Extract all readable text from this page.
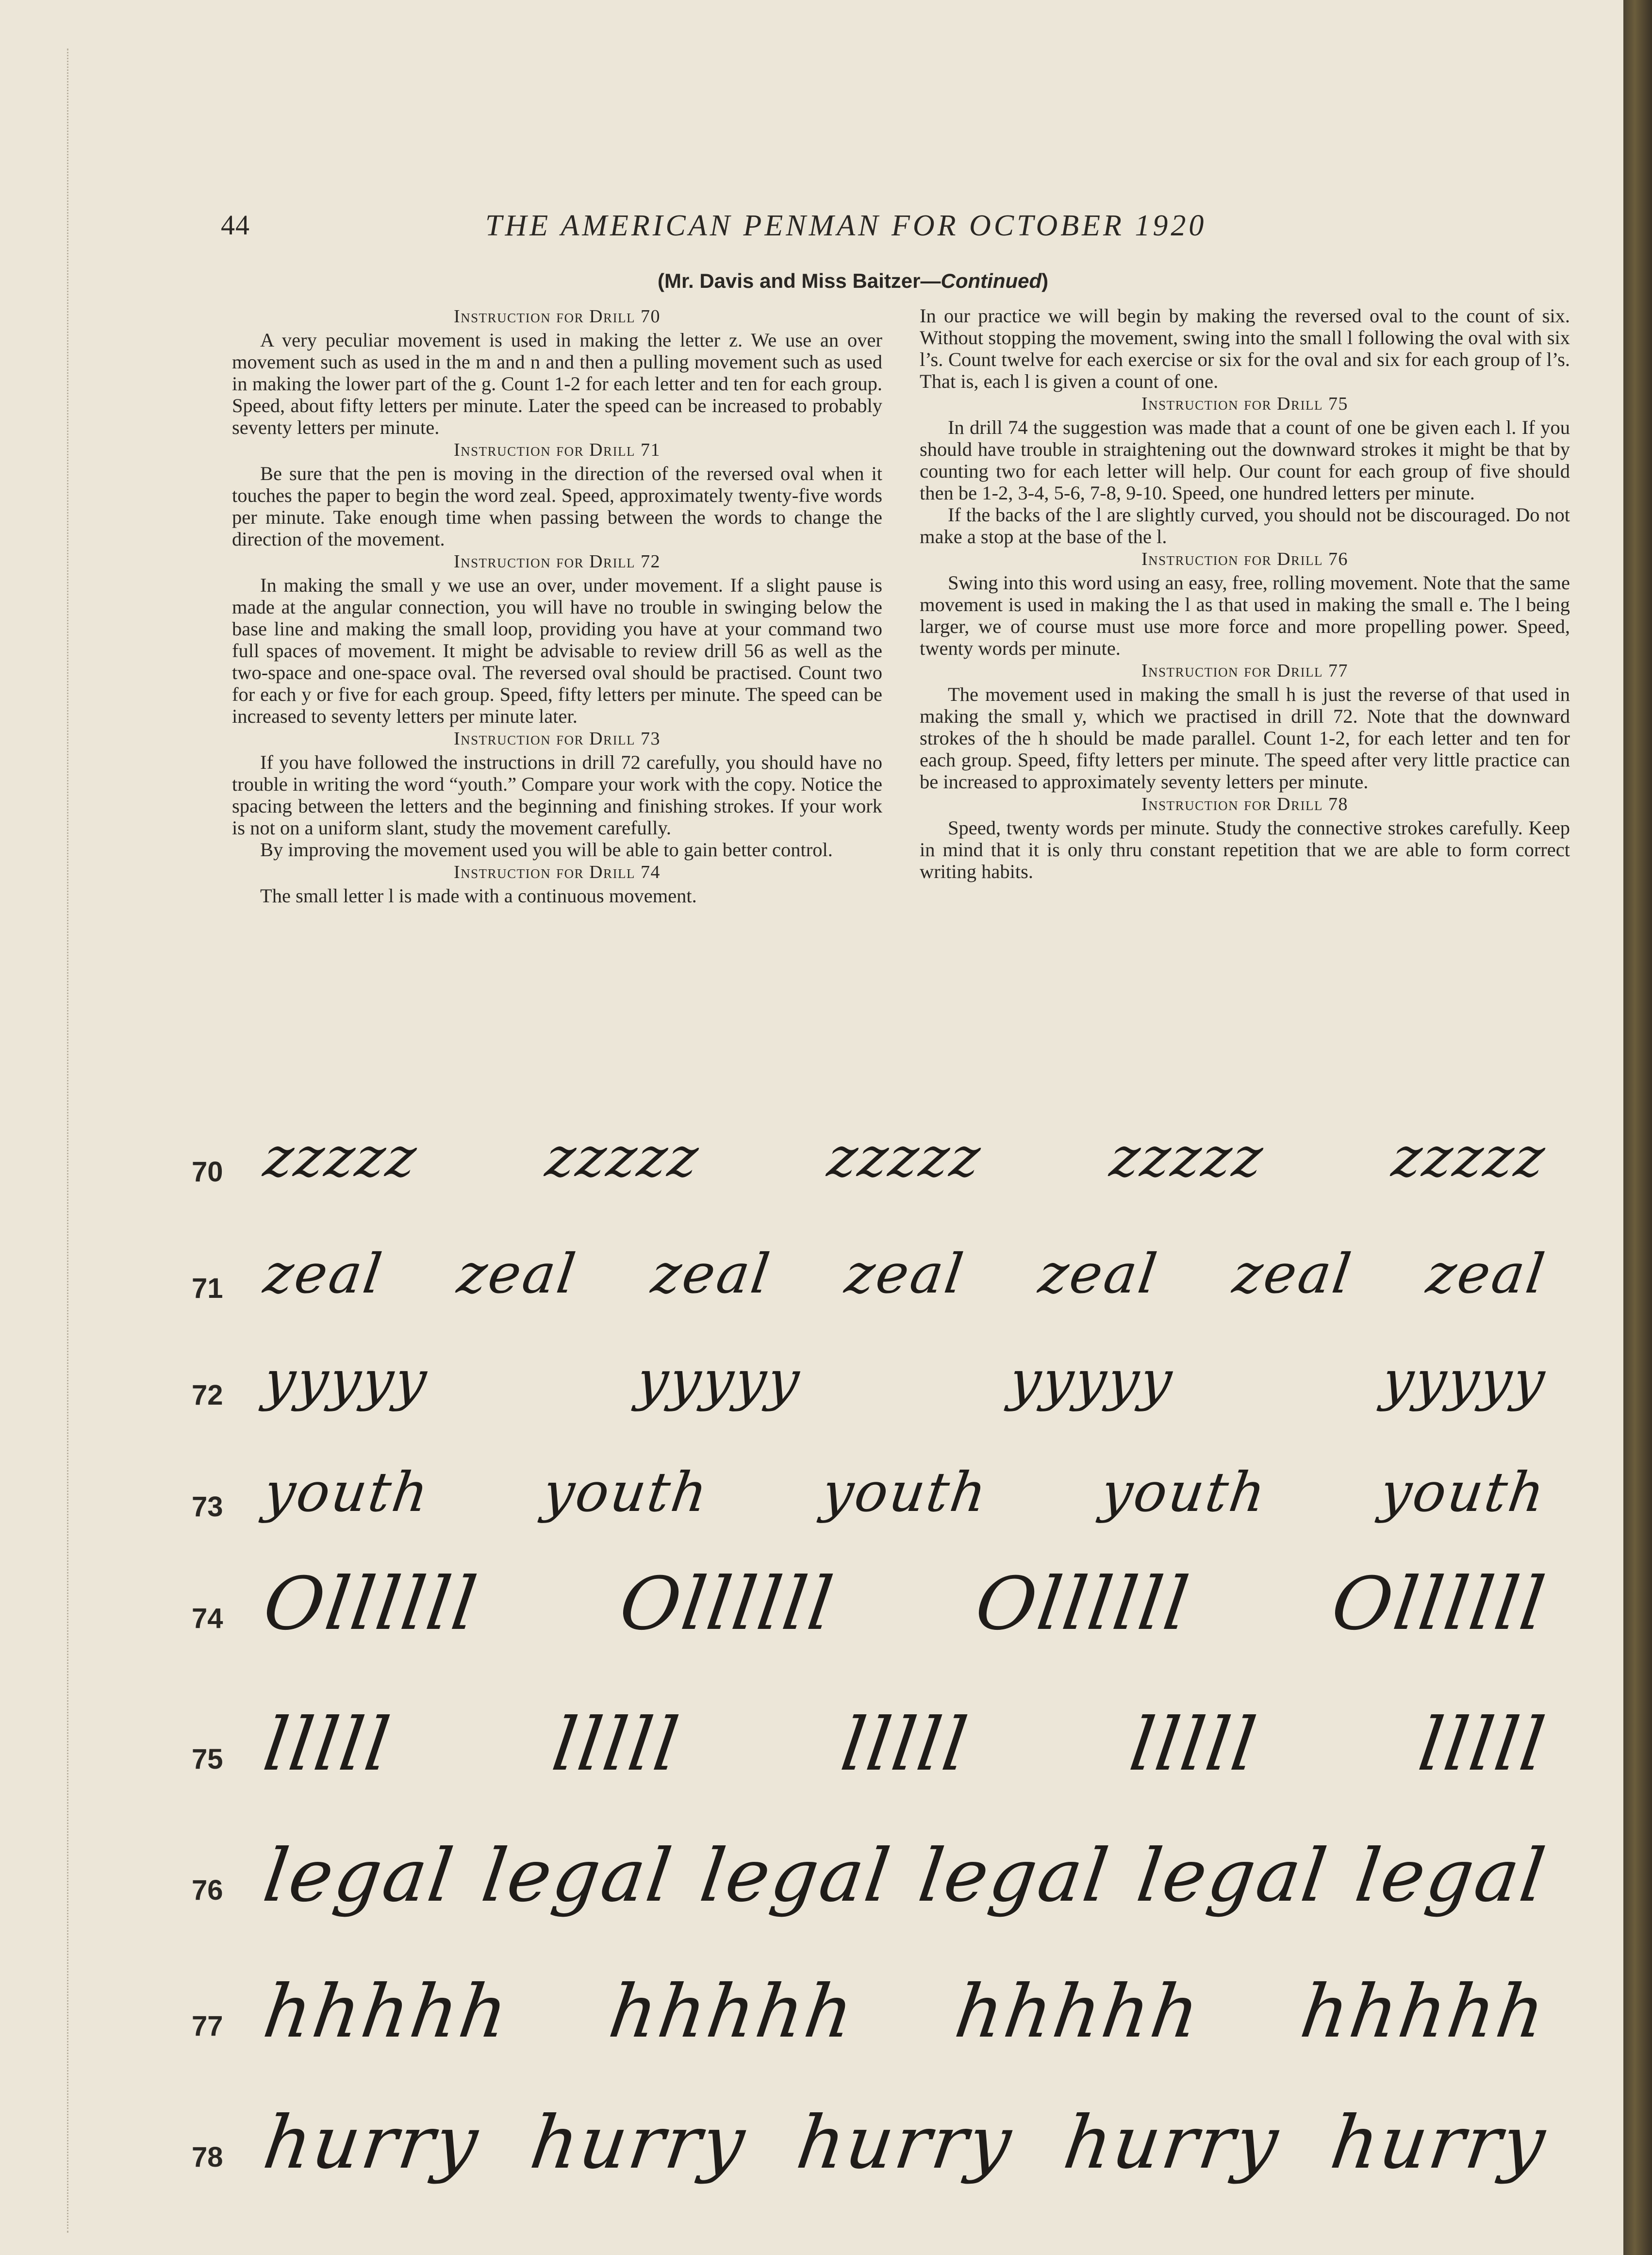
44	THE AMERICAN PENMAN FOR OCTOBER 1920
(Mr. Davis and Miss Baitzer—Continued)
Instruction for Drill 70

A very peculiar movement is used in making the letter z. We use an over movement such as used in the m and n and then a pulling movement such as used in making the lower part of the g. Count 1-2 for each letter and ten for each group. Speed, about fifty letters per minute. Later the speed can be increased to probably seventy letters per minute.

Instruction for Drill 71

Be sure that the pen is moving in the direction of the reversed oval when it touches the paper to begin the word zeal. Speed, approximately twenty-five words per minute. Take enough time when passing between the words to change the direction of the movement.

Instruction for Drill 72

In making the small y we use an over, under movement. If a slight pause is made at the angular connection, you will have no trouble in swinging below the base line and making the small loop, providing you have at your command two full spaces of movement. It might be advisable to review drill 56 as well as the two-space and one-space oval. The reversed oval should be practised. Count two for each y or five for each group. Speed, fifty letters per minute. The speed can be increased to seventy letters per minute later.

Instruction for Drill 73

If you have followed the instructions in drill 72 carefully, you should have no trouble in writing the word “youth.” Compare your work with the copy. Notice the spacing between the letters and the beginning and finishing strokes. If your work is not on a uniform slant, study the movement carefully.

By improving the movement used you will be able to gain better control.

Instruction for Drill 74

The small letter l is made with a continuous movement.

In our practice we will begin by making the reversed oval to the count of six. Without stopping the movement, swing into the small l following the oval with six l’s. Count twelve for each exercise or six for the oval and six for each group of l’s. That is, each l is given a count of one.

Instruction for Drill 75

In drill 74 the suggestion was made that a count of one be given each l. If you should have trouble in straightening out the downward strokes it might be that by counting two for each letter will help. Our count for each group of five should then be 1-2, 3-4, 5-6, 7-8, 9-10. Speed, one hundred letters per minute.

If the backs of the l are slightly curved, you should not be discouraged. Do not make a stop at the base of the l.

Instruction for Drill 76

Swing into this word using an easy, free, rolling movement. Note that the same movement is used in making the l as that used in making the small e. The l being larger, we of course must use more force and more propelling power. Speed, twenty words per minute.

Instruction for Drill 77

The movement used in making the small h is just the reverse of that used in making the small y, which we practised in drill 72. Note that the downward strokes of the h should be made parallel. Count 1-2, for each letter and ten for each group. Speed, fifty letters per minute. The speed after very little practice can be increased to approximately seventy letters per minute.

Instruction for Drill 78

Speed, twenty words per minute. Study the connective strokes carefully. Keep in mind that it is only thru constant repetition that we are able to form correct writing habits.

70 zzzzz zzzzz zzzzz zzzzz zzzzz
71 zeal zeal zeal zeal zeal zeal zeal
72 yyyyy	yyyyy	yyyyy	yyyyy
73 youth youth youth youth youth
74 Ollllll Ollllll Ollllll Ollllll
75 lllll lllll lllll lllll lllll
76 legal legal legal legal legal legal
77 hhhhh hhhhh hhhhh hhhhh
78 hurry hurry hurry hurry hurry
